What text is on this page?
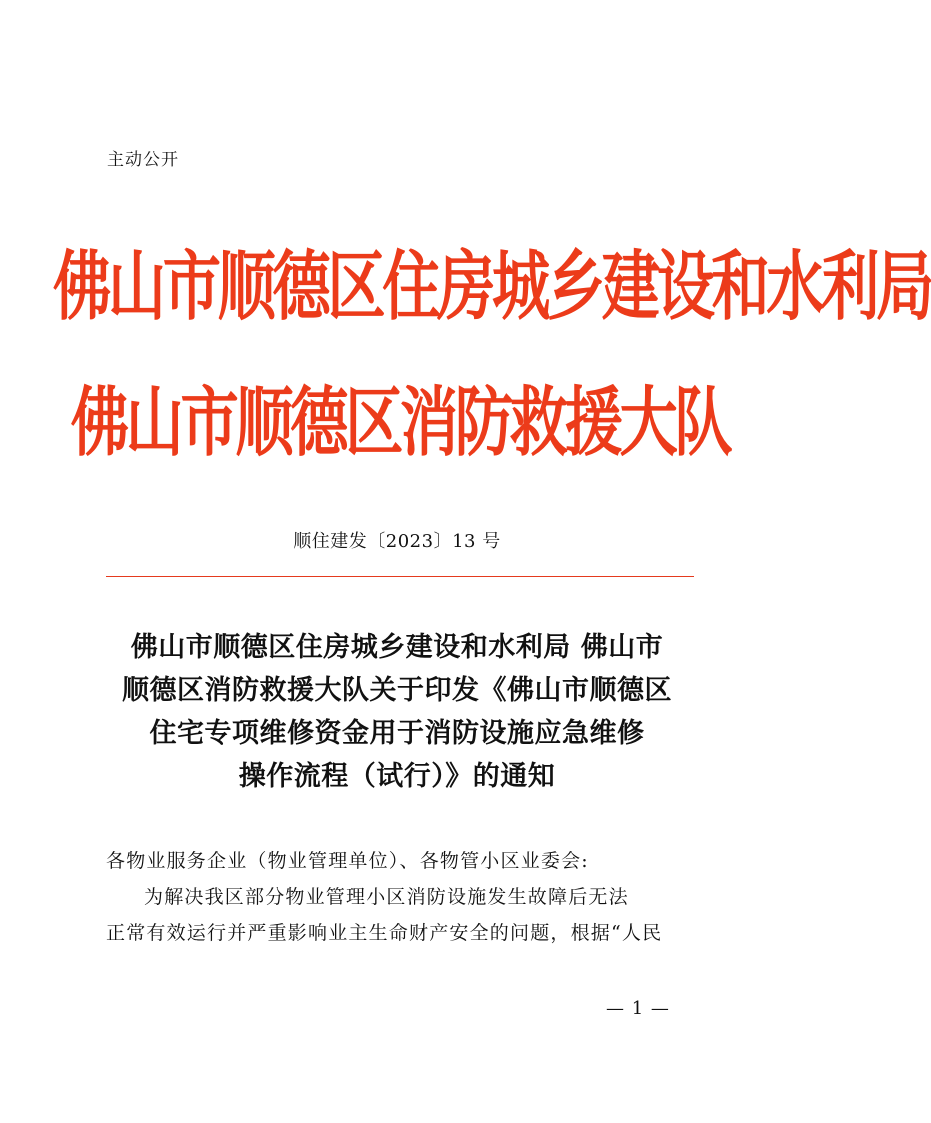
主动公开
佛山市顺德区住房城乡建设和水利局
佛山市顺德区消防救援大队
顺住建发〔2023〕13 号
佛山市顺德区住房城乡建设和水利局 佛山市
顺德区消防救援大队关于印发《佛山市顺德区
住宅专项维修资金用于消防设施应急维修
操作流程（试行）》的通知
各物业服务企业（物业管理单位）、各物管小区业委会:
为解决我区部分物业管理小区消防设施发生故障后无法
正常有效运行并严重影响业主生命财产安全的问题，根据“人民
— 1 —
